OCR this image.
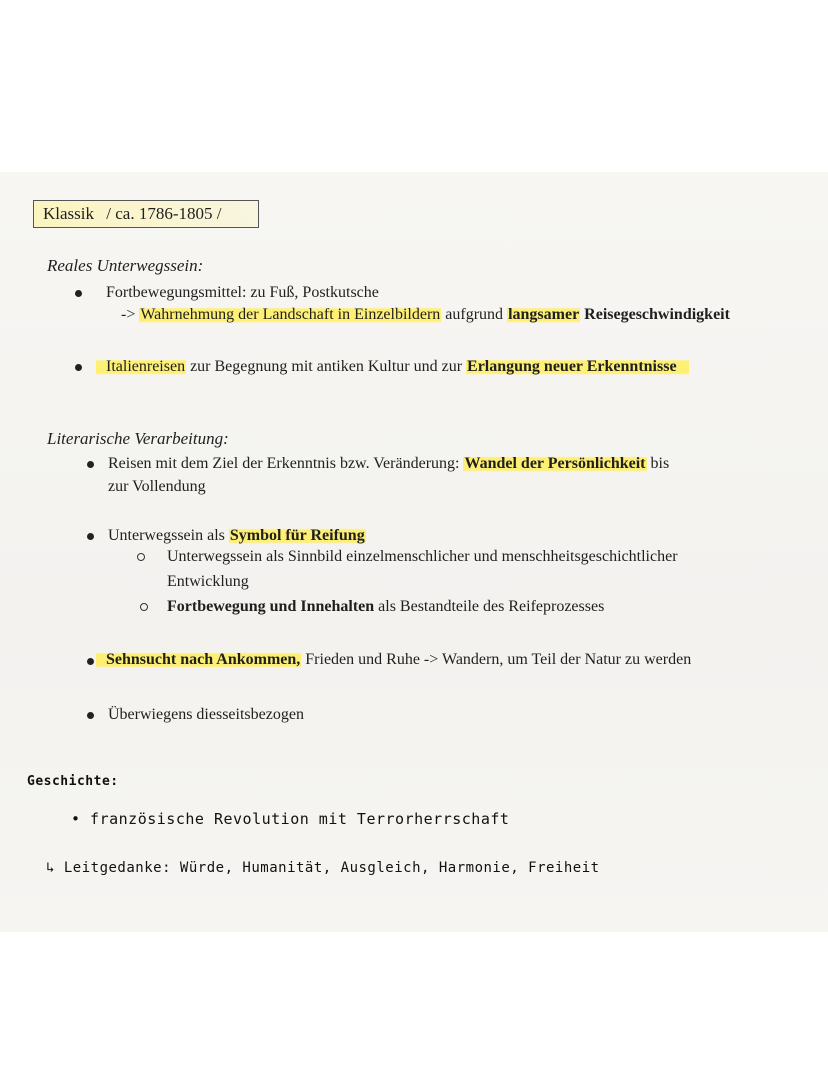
Klassik / ca. 1786-1805 /
Reales Unterwegssein:
Fortbewegungsmittel: zu Fuß, Postkutsche
-> Wahrnehmung der Landschaft in Einzelbildern aufgrund langsamer Reisegeschwindigkeit
Italienreisen zur Begegnung mit antiken Kultur und zur Erlangung neuer Erkenntnisse
Literarische Verarbeitung:
Reisen mit dem Ziel der Erkenntnis bzw. Veränderung: Wandel der Persönlichkeit bis
zur Vollendung
Unterwegssein als Symbol für Reifung
Unterwegssein als Sinnbild einzelmenschlicher und menschheitsgeschichtlicher
Entwicklung
Fortbewegung und Innehalten als Bestandteile des Reifeprozesses
Sehnsucht nach Ankommen, Frieden und Ruhe -> Wandern, um Teil der Natur zu werden
Überwiegens diesseitsbezogen
Geschichte:
• französische Revolution mit Terrorherrschaft
↳ Leitgedanke: Würde, Humanität, Ausgleich, Harmonie, Freiheit
